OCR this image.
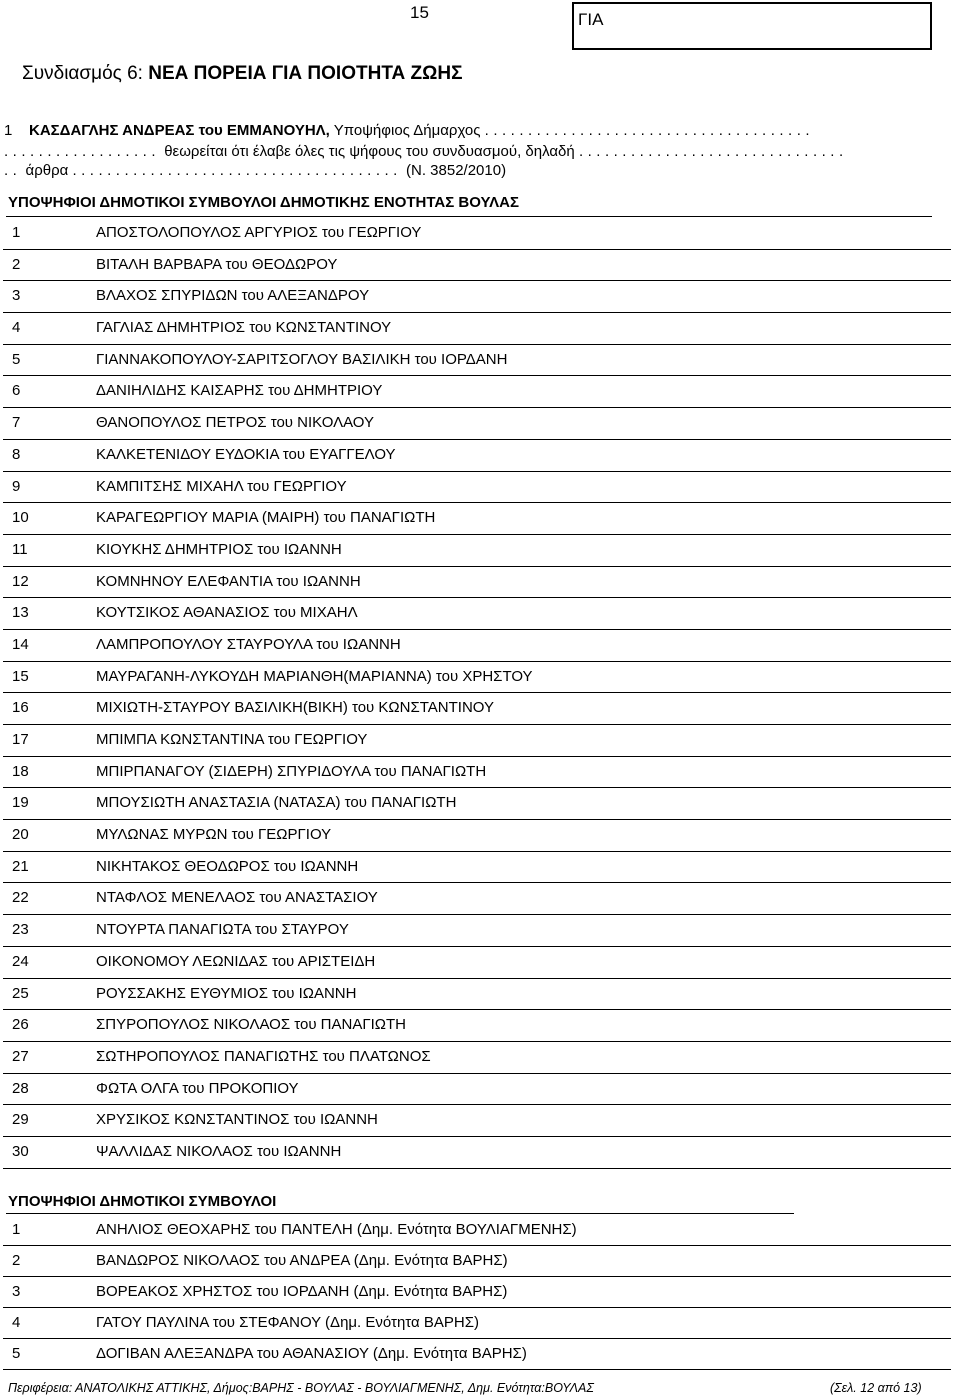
15	ΓΙΑ
Συνδιασμός 6: ΝΕΑ ΠΟΡΕΙΑ ΓΙΑ ΠΟΙΟΤΗΤΑ ΖΩΗΣ
1 ΚΑΣΔΑΓΛΗΣ ΑΝΔΡΕΑΣ του ΕΜΜΑΝΟΥΗΛ, Υποψήφιος Δήμαρχος ......................................
.................. θεωρείται ότι έλαβε όλες τις ψήφους του συνδυασμού, δηλαδή ...............................
.. άρθρα ...................................... (Ν. 3852/2010)
ΥΠΟΨΗΦΙΟΙ ΔΗΜΟΤΙΚΟΙ ΣΥΜΒΟΥΛΟΙ ΔΗΜΟΤΙΚΗΣ ΕΝΟΤΗΤΑΣ ΒΟΥΛΑΣ
1	ΑΠΟΣΤΟΛΟΠΟΥΛΟΣ ΑΡΓΥΡΙΟΣ του ΓΕΩΡΓΙΟΥ
2	ΒΙΤΑΛΗ ΒΑΡΒΑΡΑ του ΘΕΟΔΩΡΟΥ
3	ΒΛΑΧΟΣ ΣΠΥΡΙΔΩΝ του ΑΛΕΞΑΝΔΡΟΥ
4	ΓΑΓΛΙΑΣ ΔΗΜΗΤΡΙΟΣ του ΚΩΝΣΤΑΝΤΙΝΟΥ
5	ΓΙΑΝΝΑΚΟΠΟΥΛΟΥ-ΣΑΡΙΤΣΟΓΛΟΥ ΒΑΣΙΛΙΚΗ του ΙΟΡΔΑΝΗ
6	ΔΑΝΙΗΛΙΔΗΣ ΚΑΙΣΑΡΗΣ του ΔΗΜΗΤΡΙΟΥ
7	ΘΑΝΟΠΟΥΛΟΣ ΠΕΤΡΟΣ του ΝΙΚΟΛΑΟΥ
8	ΚΑΛΚΕΤΕΝΙΔΟΥ ΕΥΔΟΚΙΑ του ΕΥΑΓΓΕΛΟΥ
9	ΚΑΜΠΙΤΣΗΣ ΜΙΧΑΗΛ του ΓΕΩΡΓΙΟΥ
10	ΚΑΡΑΓΕΩΡΓΙΟΥ ΜΑΡΙΑ (ΜΑΙΡΗ) του ΠΑΝΑΓΙΩΤΗ
11	ΚΙΟΥΚΗΣ ΔΗΜΗΤΡΙΟΣ του ΙΩΑΝΝΗ
12	ΚΟΜΝΗΝΟΥ ΕΛΕΦΑΝΤΙΑ του ΙΩΑΝΝΗ
13	ΚΟΥΤΣΙΚΟΣ ΑΘΑΝΑΣΙΟΣ του ΜΙΧΑΗΛ
14	ΛΑΜΠΡΟΠΟΥΛΟΥ ΣΤΑΥΡΟΥΛΑ του ΙΩΑΝΝΗ
15	ΜΑΥΡΑΓΑΝΗ-ΛΥΚΟΥΔΗ ΜΑΡΙΑΝΘΗ(ΜΑΡΙΑΝΝΑ) του ΧΡΗΣΤΟΥ
16	ΜΙΧΙΩΤΗ-ΣΤΑΥΡΟΥ ΒΑΣΙΛΙΚΗ(ΒΙΚΗ) του ΚΩΝΣΤΑΝΤΙΝΟΥ
17	ΜΠΙΜΠΑ ΚΩΝΣΤΑΝΤΙΝΑ του ΓΕΩΡΓΙΟΥ
18	ΜΠΙΡΠΑΝΑΓΟΥ (ΣΙΔΕΡΗ) ΣΠΥΡΙΔΟΥΛΑ του ΠΑΝΑΓΙΩΤΗ
19	ΜΠΟΥΣΙΩΤΗ ΑΝΑΣΤΑΣΙΑ (ΝΑΤΑΣΑ) του ΠΑΝΑΓΙΩΤΗ
20	ΜΥΛΩΝΑΣ ΜΥΡΩΝ του ΓΕΩΡΓΙΟΥ
21	ΝΙΚΗΤΑΚΟΣ ΘΕΟΔΩΡΟΣ του ΙΩΑΝΝΗ
22	ΝΤΑΦΛΟΣ ΜΕΝΕΛΑΟΣ του ΑΝΑΣΤΑΣΙΟΥ
23	ΝΤΟΥΡΤΑ ΠΑΝΑΓΙΩΤΑ του ΣΤΑΥΡΟΥ
24	ΟΙΚΟΝΟΜΟΥ ΛΕΩΝΙΔΑΣ του ΑΡΙΣΤΕΙΔΗ
25	ΡΟΥΣΣΑΚΗΣ ΕΥΘΥΜΙΟΣ του ΙΩΑΝΝΗ
26	ΣΠΥΡΟΠΟΥΛΟΣ ΝΙΚΟΛΑΟΣ του ΠΑΝΑΓΙΩΤΗ
27	ΣΩΤΗΡΟΠΟΥΛΟΣ ΠΑΝΑΓΙΩΤΗΣ του ΠΛΑΤΩΝΟΣ
28	ΦΩΤΑ ΟΛΓΑ του ΠΡΟΚΟΠΙΟΥ
29	ΧΡΥΣΙΚΟΣ ΚΩΝΣΤΑΝΤΙΝΟΣ του ΙΩΑΝΝΗ
30	ΨΑΛΛΙΔΑΣ ΝΙΚΟΛΑΟΣ του ΙΩΑΝΝΗ
ΥΠΟΨΗΦΙΟΙ ΔΗΜΟΤΙΚΟΙ ΣΥΜΒΟΥΛΟΙ
1	ΑΝΗΛΙΟΣ ΘΕΟΧΑΡΗΣ του ΠΑΝΤΕΛΗ (Δημ. Ενότητα ΒΟΥΛΙΑΓΜΕΝΗΣ)
2	ΒΑΝΔΩΡΟΣ ΝΙΚΟΛΑΟΣ του ΑΝΔΡΕΑ (Δημ. Ενότητα ΒΑΡΗΣ)
3	ΒΟΡΕΑΚΟΣ ΧΡΗΣΤΟΣ του ΙΟΡΔΑΝΗ (Δημ. Ενότητα ΒΑΡΗΣ)
4	ΓΑΤΟΥ ΠΑΥΛΙΝΑ του ΣΤΕΦΑΝΟΥ (Δημ. Ενότητα ΒΑΡΗΣ)
5	ΔΟΓΙΒΑΝ ΑΛΕΞΑΝΔΡΑ του ΑΘΑΝΑΣΙΟΥ (Δημ. Ενότητα ΒΑΡΗΣ)
Περιφέρεια: ΑΝΑΤΟΛΙΚΗΣ ΑΤΤΙΚΗΣ, Δήμος:ΒΑΡΗΣ - ΒΟΥΛΑΣ - ΒΟΥΛΙΑΓΜΕΝΗΣ, Δημ. Ενότητα:ΒΟΥΛΑΣ	(Σελ. 12 από 13)
